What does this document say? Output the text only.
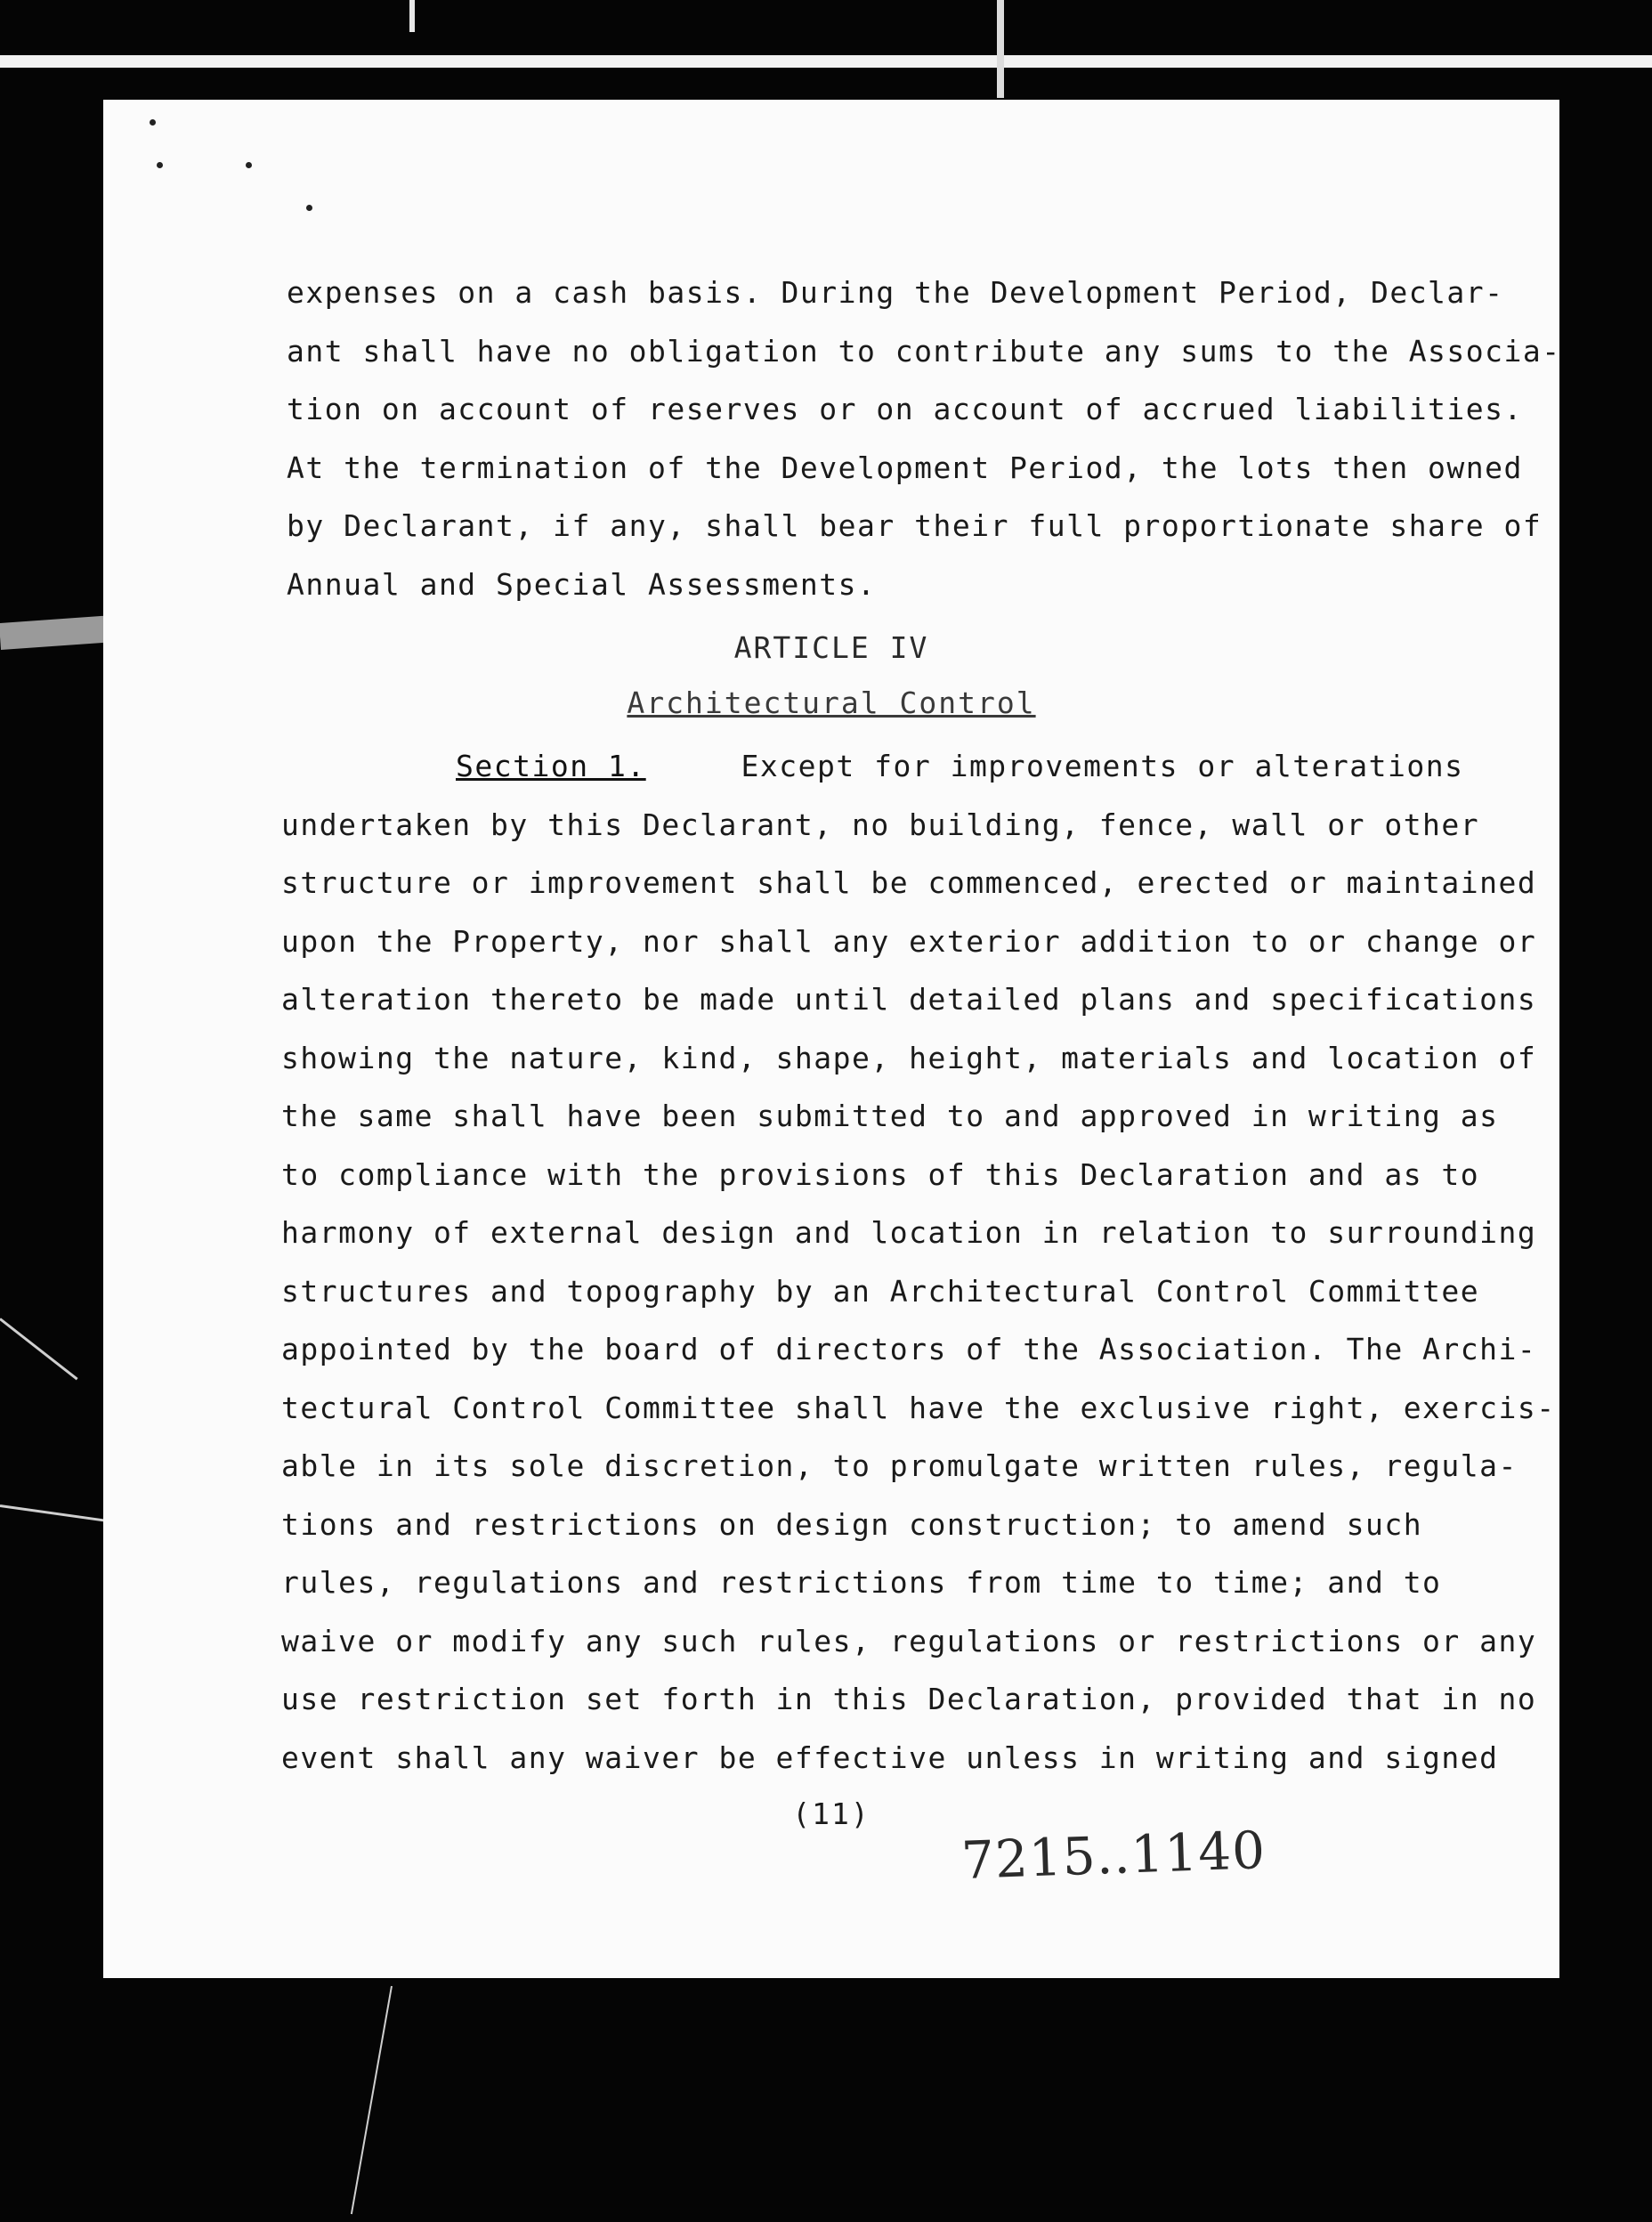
expenses on a cash basis. During the Development Period, Declar-
ant shall have no obligation to contribute any sums to the Associa-
tion on account of reserves or on account of accrued liabilities.
At the termination of the Development Period, the lots then owned
by Declarant, if any, shall bear their full proportionate share of
Annual and Special Assessments.
ARTICLE IV
Architectural Control
Section 1.	Except for improvements or alterations
undertaken by this Declarant, no building, fence, wall or other
structure or improvement shall be commenced, erected or maintained
upon the Property, nor shall any exterior addition to or change or
alteration thereto be made until detailed plans and specifications
showing the nature, kind, shape, height, materials and location of
the same shall have been submitted to and approved in writing as
to compliance with the provisions of this Declaration and as to
harmony of external design and location in relation to surrounding
structures and topography by an Architectural Control Committee
appointed by the board of directors of the Association. The Archi-
tectural Control Committee shall have the exclusive right, exercis-
able in its sole discretion, to promulgate written rules, regula-
tions and restrictions on design construction; to amend such
rules, regulations and restrictions from time to time; and to
waive or modify any such rules, regulations or restrictions or any
use restriction set forth in this Declaration, provided that in no
event shall any waiver be effective unless in writing and signed
(11)
7215..1140
